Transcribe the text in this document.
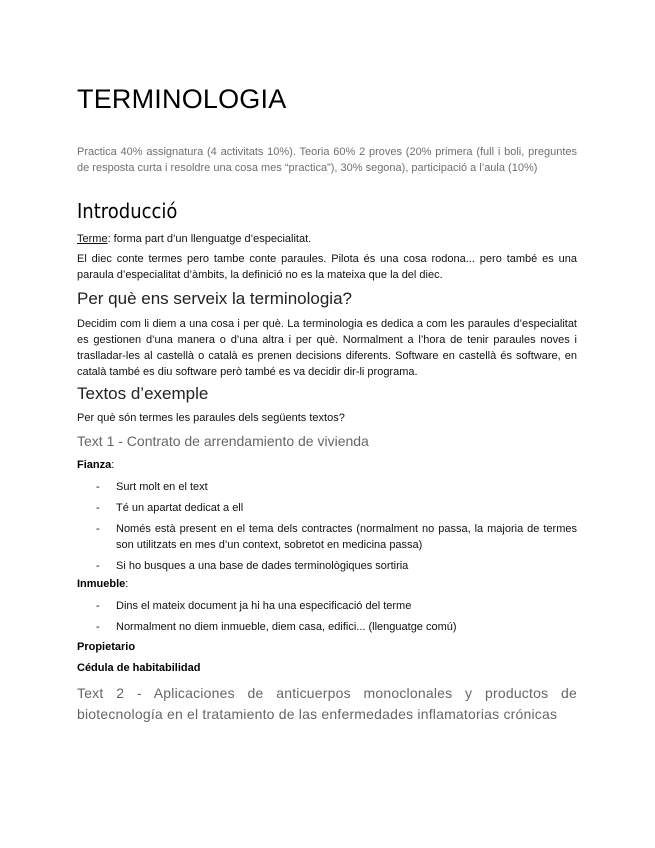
TERMINOLOGIA
Practica 40% assignatura (4 activitats 10%). Teoria 60% 2 proves (20% primera (full i boli, preguntes de resposta curta i resoldre una cosa mes “practica”), 30% segona), participació a l’aula (10%)
Introducció
Terme: forma part d’un llenguatge d’especialitat.
El diec conte termes pero tambe conte paraules. Pilota és una cosa rodona... pero també es una paraula d’especialitat d’àmbits, la definició no es la mateixa que la del diec.
Per què ens serveix la terminologia?
Decidim com li diem a una cosa i per què. La terminologia es dedica a com les paraules d’especialitat es gestionen d’una manera o d’una altra i per què. Normalment a l’hora de tenir paraules noves i traslladar-les al castellà o català es prenen decisions diferents. Software en castellà és software, en català també es diu software però també es va decidir dir-li programa.
Textos d’exemple
Per què són termes les paraules dels següents textos?
Text 1 - Contrato de arrendamiento de vivienda
Fianza:
- Surt molt en el text
- Té un apartat dedicat a ell
- Només està present en el tema dels contractes (normalment no passa, la majoria de termes son utilitzats en mes d’un context, sobretot en medicina passa)
- Si ho busques a una base de dades terminològiques sortiria
Inmueble:
- Dins el mateix document ja hi ha una especificació del terme
- Normalment no diem inmueble, diem casa, edifici... (llenguatge comú)
Propietario
Cédula de habitabilidad
Text 2 - Aplicaciones de anticuerpos monoclonales y productos de biotecnología en el tratamiento de las enfermedades inflamatorias crónicas
